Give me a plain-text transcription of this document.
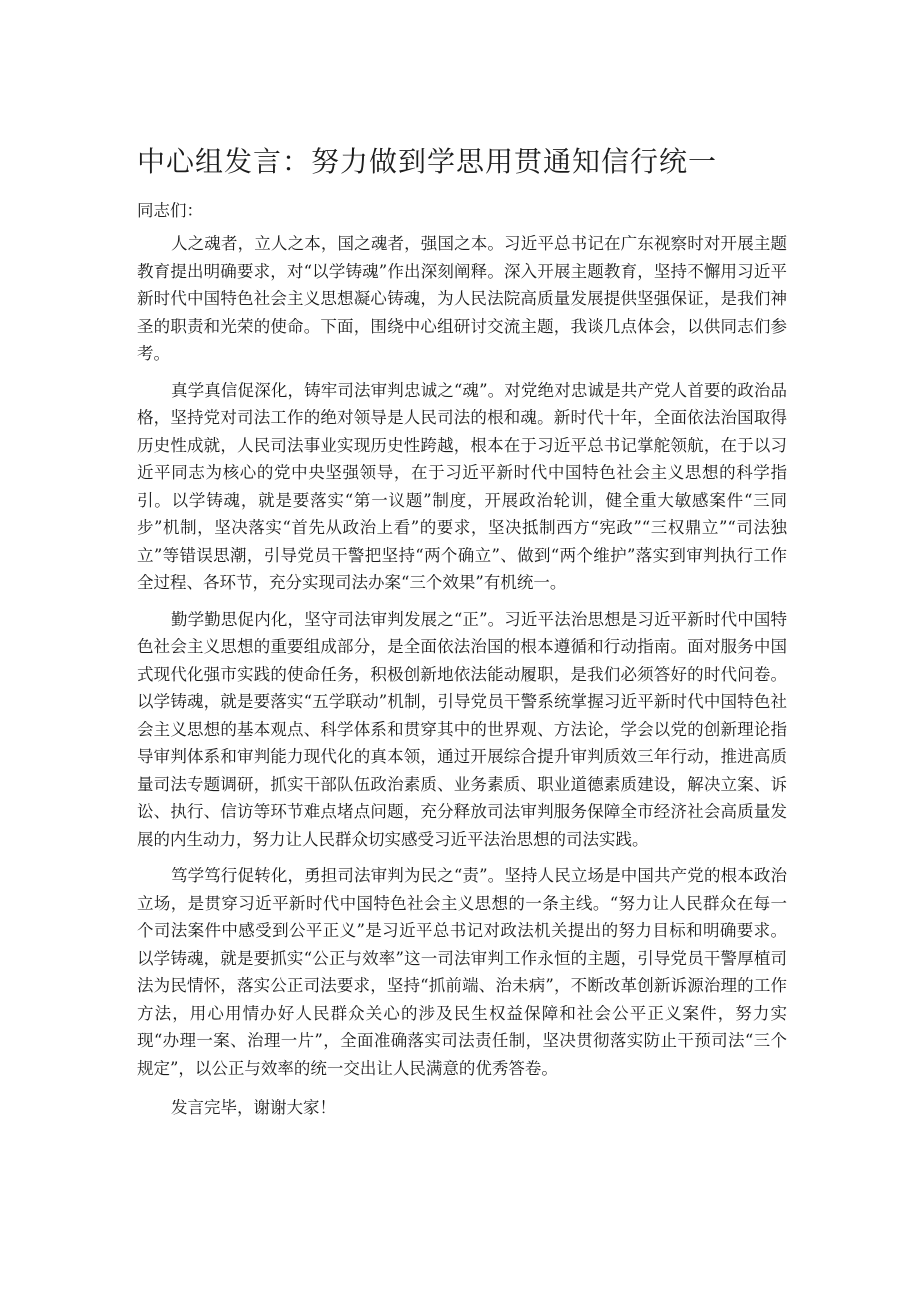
中心组发言：努力做到学思用贯通知信行统一

同志们：

人之魂者，立人之本，国之魂者，强国之本。习近平总书记在广东视察时对开展主题教育提出明确要求，对“以学铸魂”作出深刻阐释。深入开展主题教育，坚持不懈用习近平新时代中国特色社会主义思想凝心铸魂，为人民法院高质量发展提供坚强保证，是我们神圣的职责和光荣的使命。下面，围绕中心组研讨交流主题，我谈几点体会，以供同志们参考。

真学真信促深化，铸牢司法审判忠诚之“魂”。对党绝对忠诚是共产党人首要的政治品格，坚持党对司法工作的绝对领导是人民司法的根和魂。新时代十年，全面依法治国取得历史性成就，人民司法事业实现历史性跨越，根本在于习近平总书记掌舵领航，在于以习近平同志为核心的党中央坚强领导，在于习近平新时代中国特色社会主义思想的科学指引。以学铸魂，就是要落实“第一议题”制度，开展政治轮训，健全重大敏感案件“三同步”机制，坚决落实“首先从政治上看”的要求，坚决抵制西方“宪政”“三权鼎立”“司法独立”等错误思潮，引导党员干警把坚持“两个确立”、做到“两个维护”落实到审判执行工作全过程、各环节，充分实现司法办案“三个效果”有机统一。

勤学勤思促内化，坚守司法审判发展之“正”。习近平法治思想是习近平新时代中国特色社会主义思想的重要组成部分，是全面依法治国的根本遵循和行动指南。面对服务中国式现代化强市实践的使命任务，积极创新地依法能动履职，是我们必须答好的时代问卷。以学铸魂，就是要落实“五学联动”机制，引导党员干警系统掌握习近平新时代中国特色社会主义思想的基本观点、科学体系和贯穿其中的世界观、方法论，学会以党的创新理论指导审判体系和审判能力现代化的真本领，通过开展综合提升审判质效三年行动，推进高质量司法专题调研，抓实干部队伍政治素质、业务素质、职业道德素质建设，解决立案、诉讼、执行、信访等环节难点堵点问题，充分释放司法审判服务保障全市经济社会高质量发展的内生动力，努力让人民群众切实感受习近平法治思想的司法实践。

笃学笃行促转化，勇担司法审判为民之“责”。坚持人民立场是中国共产党的根本政治立场，是贯穿习近平新时代中国特色社会主义思想的一条主线。“努力让人民群众在每一个司法案件中感受到公平正义”是习近平总书记对政法机关提出的努力目标和明确要求。以学铸魂，就是要抓实“公正与效率”这一司法审判工作永恒的主题，引导党员干警厚植司法为民情怀，落实公正司法要求，坚持“抓前端、治未病”，不断改革创新诉源治理的工作方法，用心用情办好人民群众关心的涉及民生权益保障和社会公平正义案件，努力实现“办理一案、治理一片”，全面准确落实司法责任制，坚决贯彻落实防止干预司法“三个规定”，以公正与效率的统一交出让人民满意的优秀答卷。

发言完毕，谢谢大家！
